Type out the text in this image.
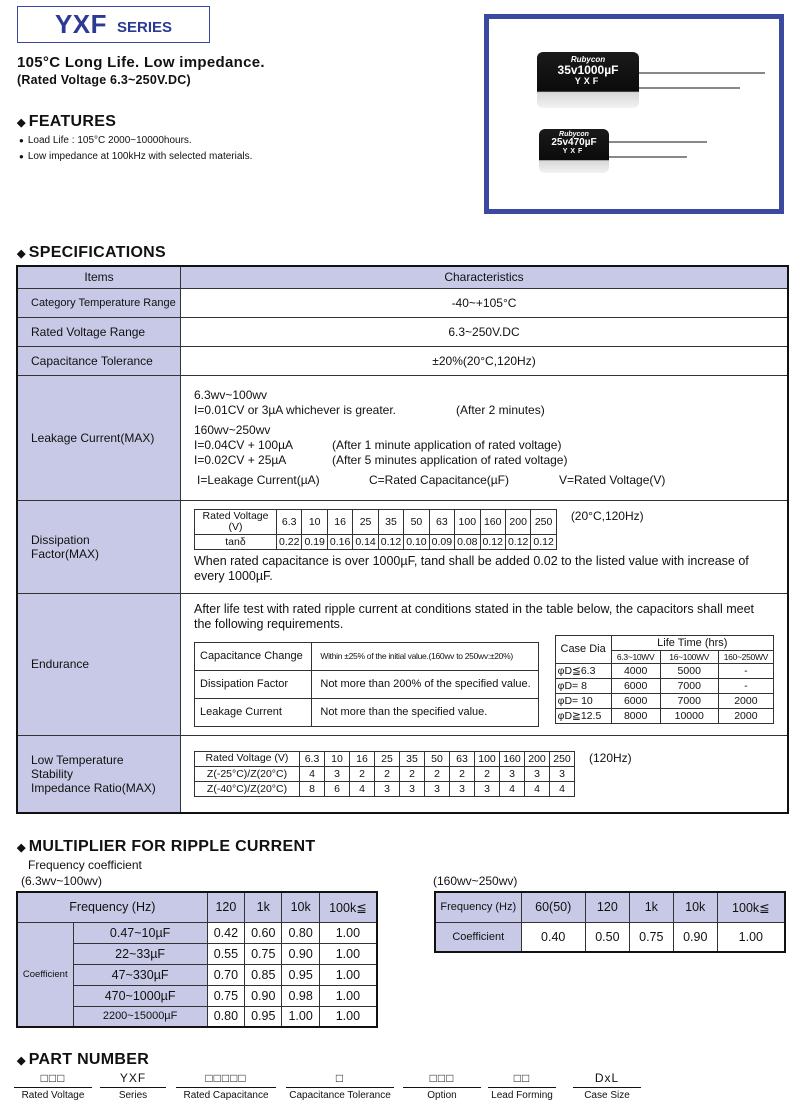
YXF SERIES
105°C Long Life. Low impedance.
(Rated Voltage 6.3~250V.DC)
◆ FEATURES
● Load Life : 105°C 2000~10000hours.
● Low impedance at 100kHz with selected materials.
Rubycon
35v1000µF
YXF
Rubycon
25v470µF
YXF
◆ SPECIFICATIONS
Items	Characteristics
Category Temperature Range	-40~+105°C
Rated Voltage Range	6.3~250V.DC
Capacitance Tolerance	±20%(20°C,120Hz)
Leakage Current(MAX)	
6.3wv~100wv
I=0.01CV or 3µA whichever is greater.	(After 2 minutes)
160wv~250wv
I=0.04CV + 100µA	(After 1 minute application of rated voltage)
I=0.02CV + 25µA	(After 5 minutes application of rated voltage)
I=Leakage Current(µA)	C=Rated Capacitance(µF)	V=Rated Voltage(V)

Dissipation Factor(MAX)

Rated Voltage (V)	6.3	10	16	25	35	50	63	100	160	200	250
tanδ	0.22	0.19	0.16	0.14	0.12	0.10	0.09	0.08	0.12	0.12	0.12
(20°C,120Hz)
When rated capacitance is over 1000µF, tand shall be added 0.02 to the listed value with increase of every 1000µF.

Endurance	
After life test with rated ripple current at conditions stated in the table below, the capacitors shall meet the following requirements.
Capacitance Change	Within ±25% of the initial value.(160wv to 250wv:±20%)
Dissipation Factor	Not more than 200% of the specified value.
Leakage Current	Not more than the specified value.
Case Dia	Life Time (hrs)
6.3~10WV	16~100WV	160~250WV
φD≦6.3	4000	5000	-
φD= 8	6000	7000	-
φD= 10	6000	7000	2000
φD≧12.5	8000	10000	2000

Low Temperature
Stability
Impedance Ratio(MAX)

Rated Voltage (V)	6.3	10	16	25	35	50	63	100	160	200	250
Z(-25°C)/Z(20°C)	4	3	2	2	2	2	2	2	3	3	3
Z(-40°C)/Z(20°C)	8	6	4	3	3	3	3	3	4	4	4
(120Hz)
◆ MULTIPLIER FOR RIPPLE CURRENT
Frequency coefficient
(6.3wv~100wv)	(160wv~250wv)
Frequency (Hz)		120	1k	10k	100k≦
Coefficient	0.47~10µF	0.42	0.60	0.80	1.00
	22~33µF	0.55	0.75	0.90	1.00
	47~330µF	0.70	0.85	0.95	1.00
	470~1000µF	0.75	0.90	0.98	1.00
	2200~15000µF	0.80	0.95	1.00	1.00
Frequency (Hz)	60(50)	120	1k	10k	100k≦
Coefficient	0.40	0.50	0.75	0.90	1.00
◆ PART NUMBER
□□□
Rated Voltage
YXF
Series
□□□□□
Rated Capacitance
□
Capacitance Tolerance
□□□
Option
□□
Lead Forming
DxL
Case Size
